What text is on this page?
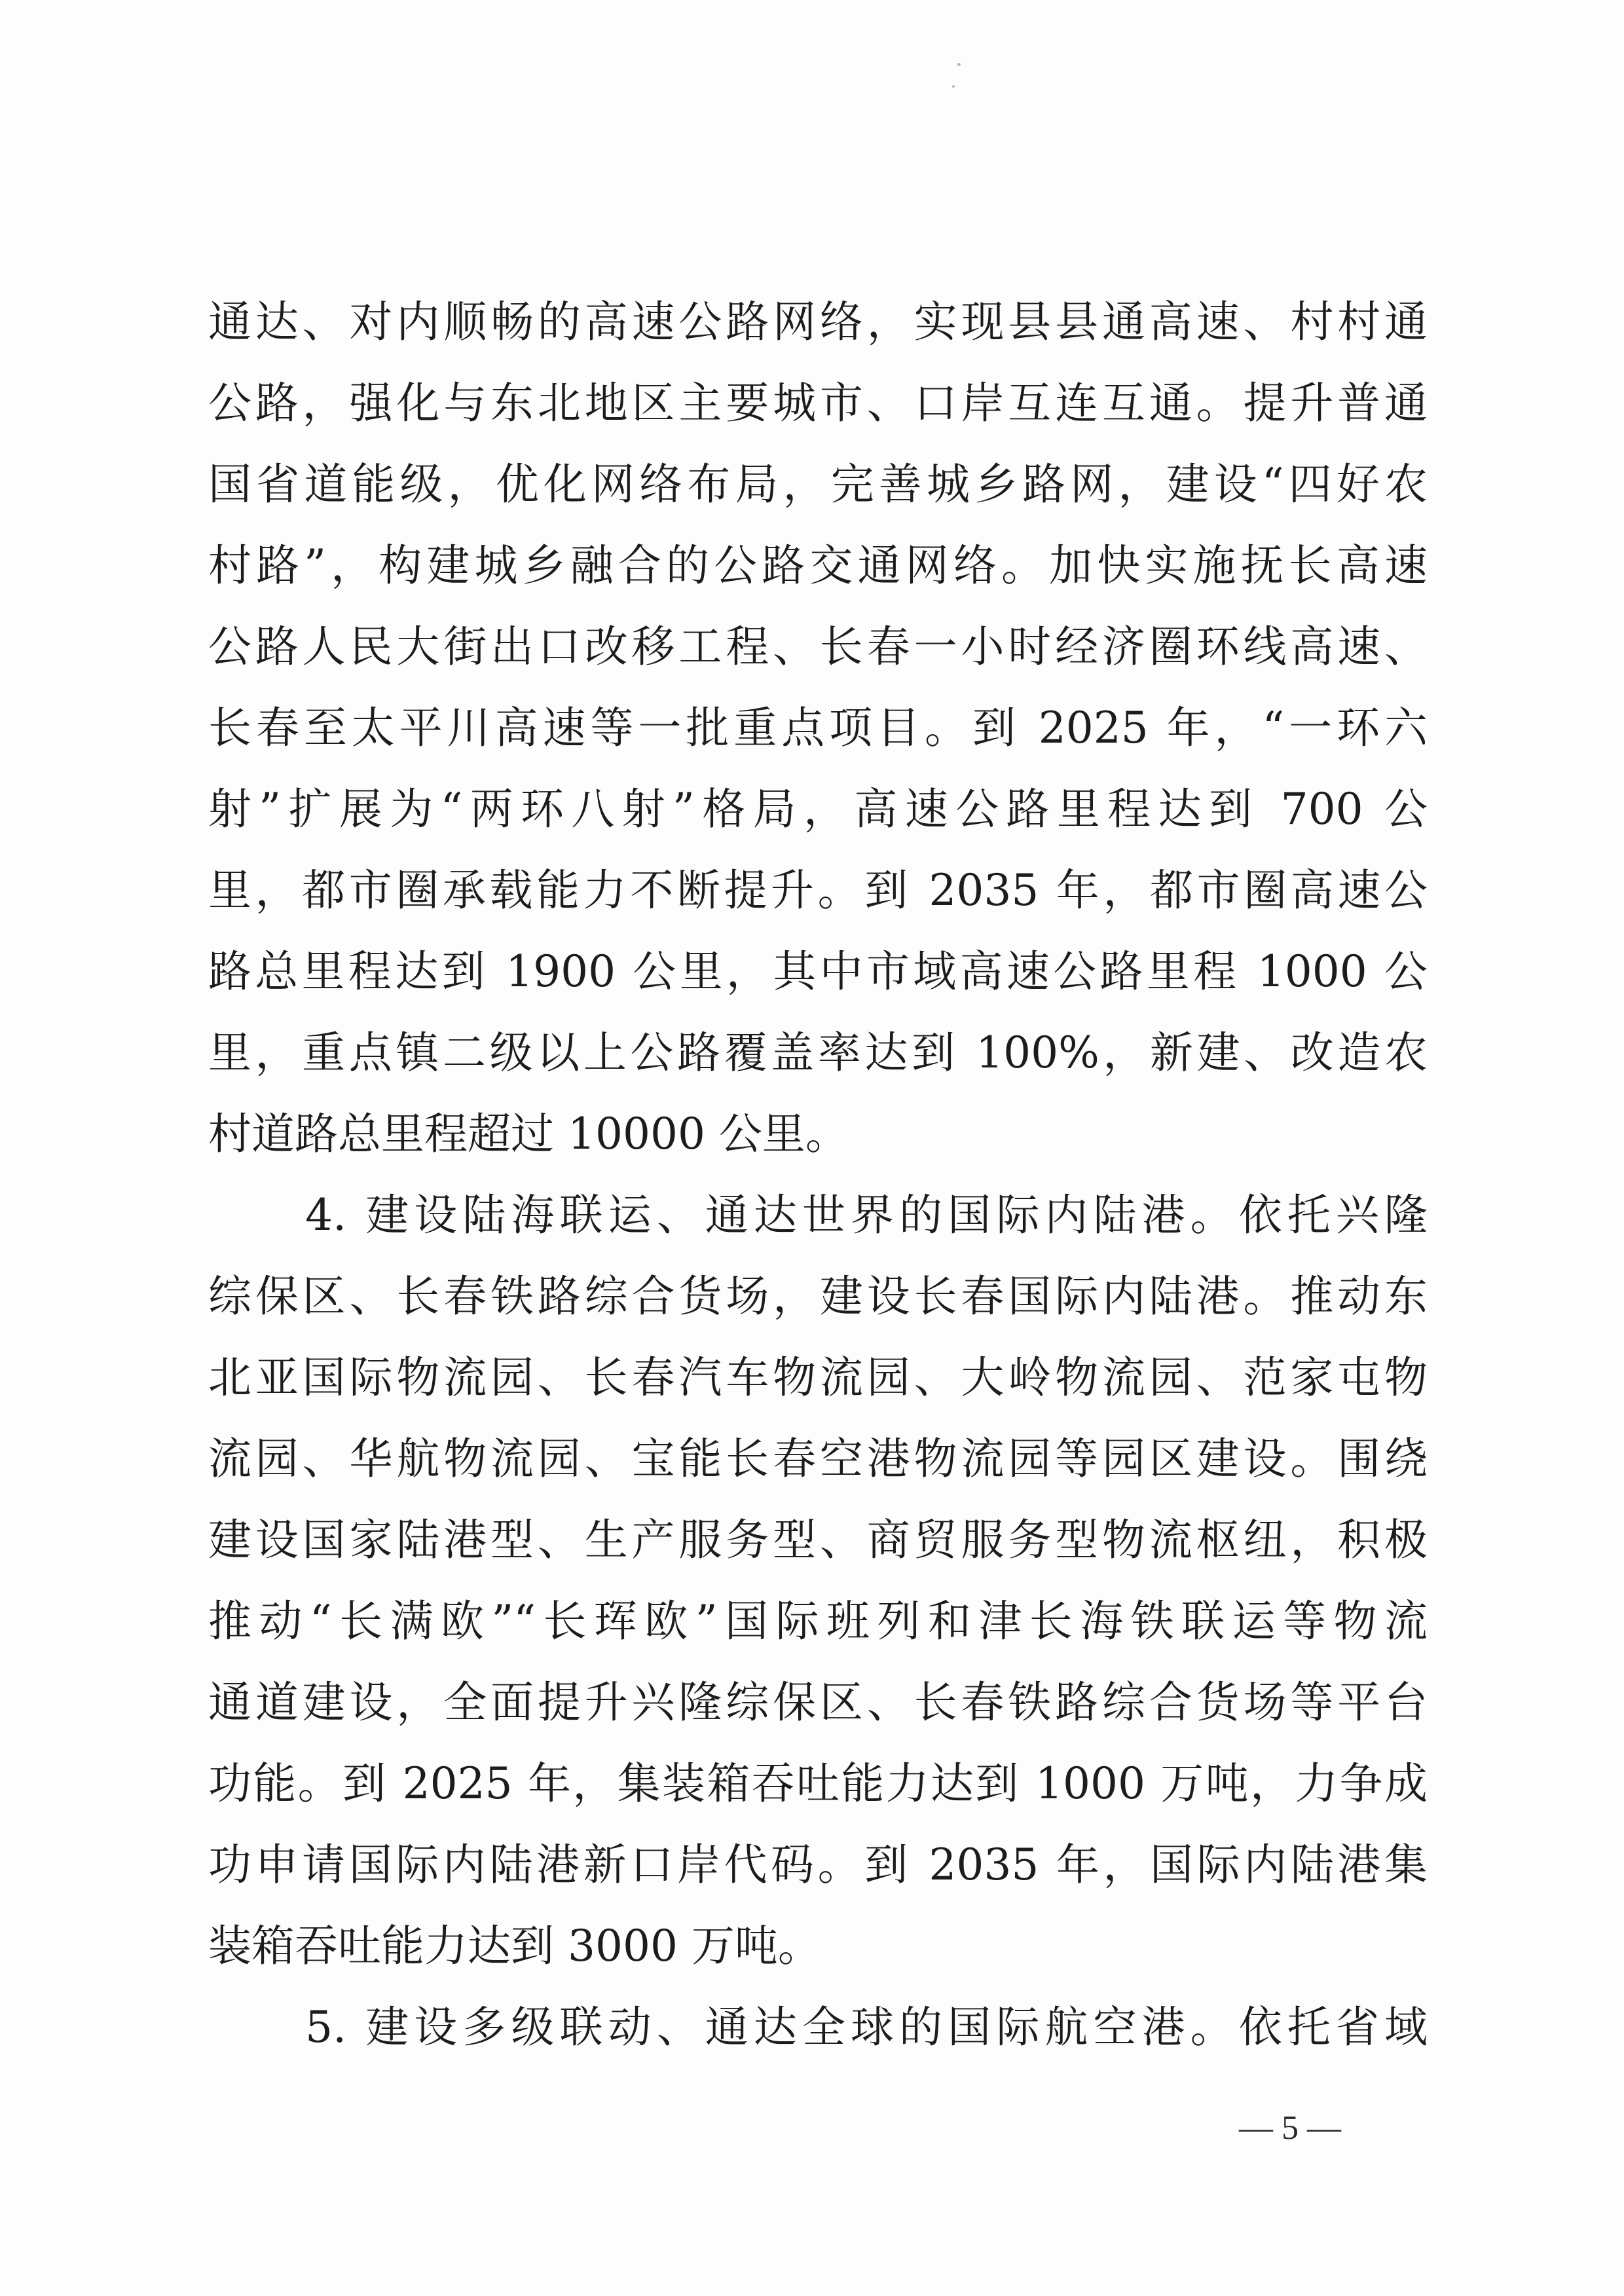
通达、对内顺畅的高速公路网络，实现县县通高速、村村通
公路，强化与东北地区主要城市、口岸互连互通。提升普通
国省道能级，优化网络布局，完善城乡路网，建设“四好农
村路”，构建城乡融合的公路交通网络。加快实施抚长高速
公路人民大街出口改移工程、长春一小时经济圈环线高速、
长春至太平川高速等一批重点项目。到 2025 年，“一环六
射”扩展为“两环八射”格局，高速公路里程达到 700 公
里，都市圈承载能力不断提升。到 2035 年，都市圈高速公
路总里程达到 1900 公里，其中市域高速公路里程 1000 公
里，重点镇二级以上公路覆盖率达到 100%，新建、改造农
村道路总里程超过 10000 公里。
　　4. 建设陆海联运、通达世界的国际内陆港。依托兴隆
综保区、长春铁路综合货场，建设长春国际内陆港。推动东
北亚国际物流园、长春汽车物流园、大岭物流园、范家屯物
流园、华航物流园、宝能长春空港物流园等园区建设。围绕
建设国家陆港型、生产服务型、商贸服务型物流枢纽，积极
推动“长满欧”“长珲欧”国际班列和津长海铁联运等物流
通道建设，全面提升兴隆综保区、长春铁路综合货场等平台
功能。到 2025 年，集装箱吞吐能力达到 1000 万吨，力争成
功申请国际内陆港新口岸代码。到 2035 年，国际内陆港集
装箱吞吐能力达到 3000 万吨。
　　5. 建设多级联动、通达全球的国际航空港。依托省域
— 5 —
